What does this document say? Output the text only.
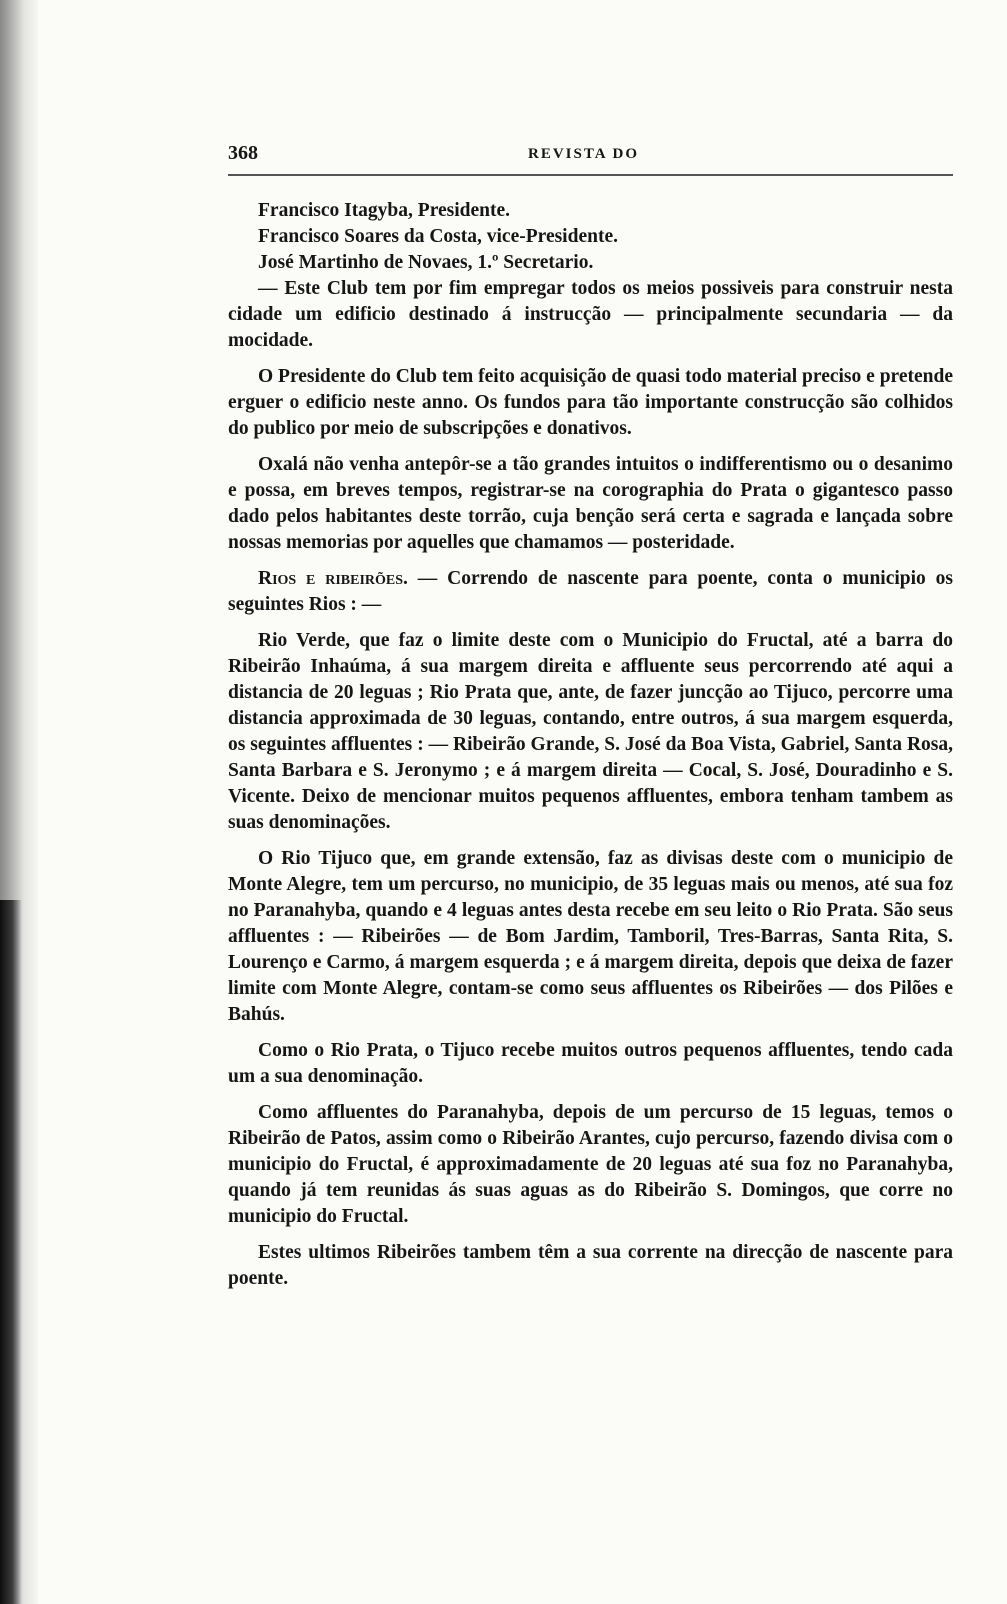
368	REVISTA DO

Francisco Itagyba, Presidente.

Francisco Soares da Costa, vice-Presidente.

José Martinho de Novaes, 1.º Secretario.

— Este Club tem por fim empregar todos os meios possiveis para construir nesta cidade um edificio destinado á instrucção — principalmente secundaria — da mocidade.

O Presidente do Club tem feito acquisição de quasi todo material preciso e pretende erguer o edificio neste anno. Os fundos para tão importante construcção são colhidos do publico por meio de subscripções e donativos.

Oxalá não venha antepôr-se a tão grandes intuitos o indifferentismo ou o desanimo e possa, em breves tempos, registrar-se na corographia do Prata o gigantesco passo dado pelos habitantes deste torrão, cuja benção será certa e sagrada e lançada sobre nossas memorias por aquelles que chamamos — posteridade.

Rios e ribeirões. — Correndo de nascente para poente, conta o municipio os seguintes Rios : —

Rio Verde, que faz o limite deste com o Municipio do Fructal, até a barra do Ribeirão Inhaúma, á sua margem direita e affluente seus percorrendo até aqui a distancia de 20 leguas ; Rio Prata que, ante, de fazer juncção ao Tijuco, percorre uma distancia approximada de 30 leguas, contando, entre outros, á sua margem esquerda, os seguintes affluentes : — Ribeirão Grande, S. José da Boa Vista, Gabriel, Santa Rosa, Santa Barbara e S. Jeronymo ; e á margem direita — Cocal, S. José, Douradinho e S. Vicente. Deixo de mencionar muitos pequenos affluentes, embora tenham tambem as suas denominações.

O Rio Tijuco que, em grande extensão, faz as divisas deste com o municipio de Monte Alegre, tem um percurso, no municipio, de 35 leguas mais ou menos, até sua foz no Paranahyba, quando e 4 leguas antes desta recebe em seu leito o Rio Prata. São seus affluentes : — Ribeirões — de Bom Jardim, Tamboril, Tres-Barras, Santa Rita, S. Lourenço e Carmo, á margem esquerda ; e á margem direita, depois que deixa de fazer limite com Monte Alegre, contam-se como seus affluentes os Ribeirões — dos Pilões e Bahús.

Como o Rio Prata, o Tijuco recebe muitos outros pequenos affluentes, tendo cada um a sua denominação.

Como affluentes do Paranahyba, depois de um percurso de 15 leguas, temos o Ribeirão de Patos, assim como o Ribeirão Arantes, cujo percurso, fazendo divisa com o municipio do Fructal, é approximadamente de 20 leguas até sua foz no Paranahyba, quando já tem reunidas ás suas aguas as do Ribeirão S. Domingos, que corre no municipio do Fructal.

Estes ultimos Ribeirões tambem têm a sua corrente na direcção de nascente para poente.
